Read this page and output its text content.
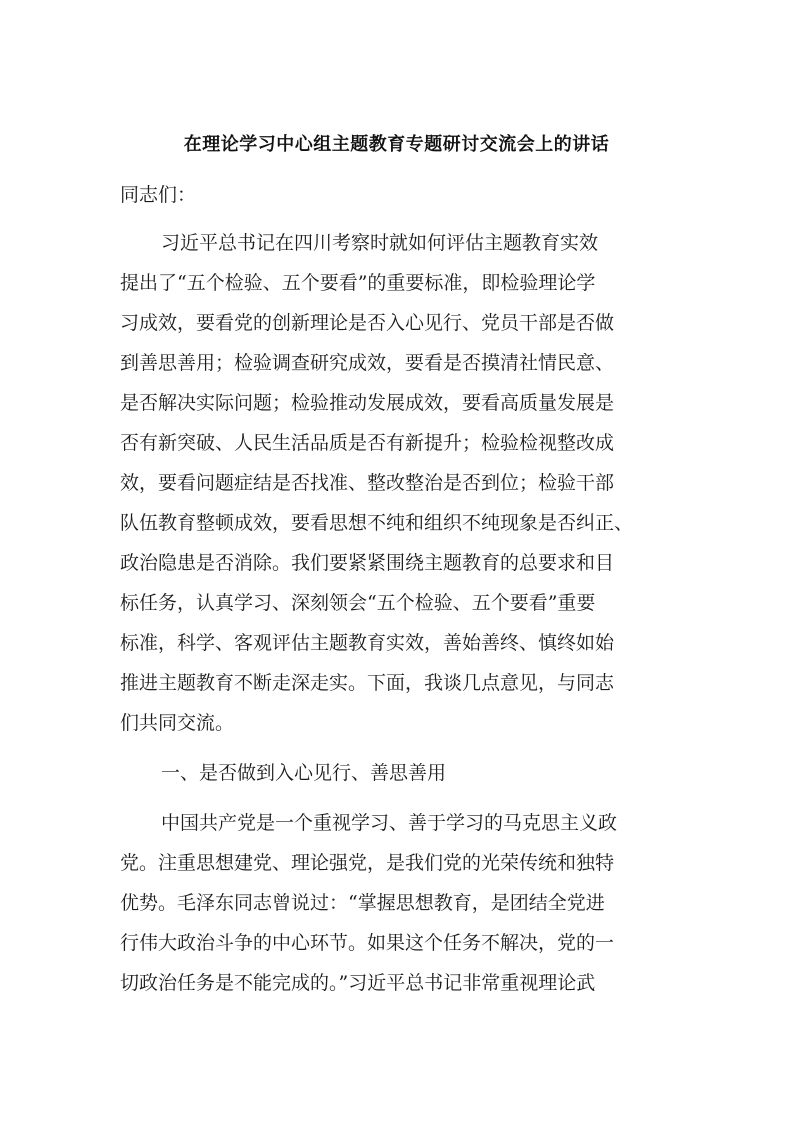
在理论学习中心组主题教育专题研讨交流会上的讲话
同志们：
习近平总书记在四川考察时就如何评估主题教育实效
提出了“五个检验、五个要看”的重要标准，即检验理论学
习成效，要看党的创新理论是否入心见行、党员干部是否做
到善思善用；检验调查研究成效，要看是否摸清社情民意、
是否解决实际问题；检验推动发展成效，要看高质量发展是
否有新突破、人民生活品质是否有新提升；检验检视整改成
效，要看问题症结是否找准、整改整治是否到位；检验干部
队伍教育整顿成效，要看思想不纯和组织不纯现象是否纠正、
政治隐患是否消除。我们要紧紧围绕主题教育的总要求和目
标任务，认真学习、深刻领会“五个检验、五个要看”重要
标准，科学、客观评估主题教育实效，善始善终、慎终如始
推进主题教育不断走深走实。下面，我谈几点意见，与同志
们共同交流。
一、是否做到入心见行、善思善用
中国共产党是一个重视学习、善于学习的马克思主义政
党。注重思想建党、理论强党，是我们党的光荣传统和独特
优势。毛泽东同志曾说过：“掌握思想教育，是团结全党进
行伟大政治斗争的中心环节。如果这个任务不解决，党的一
切政治任务是不能完成的。”习近平总书记非常重视理论武
